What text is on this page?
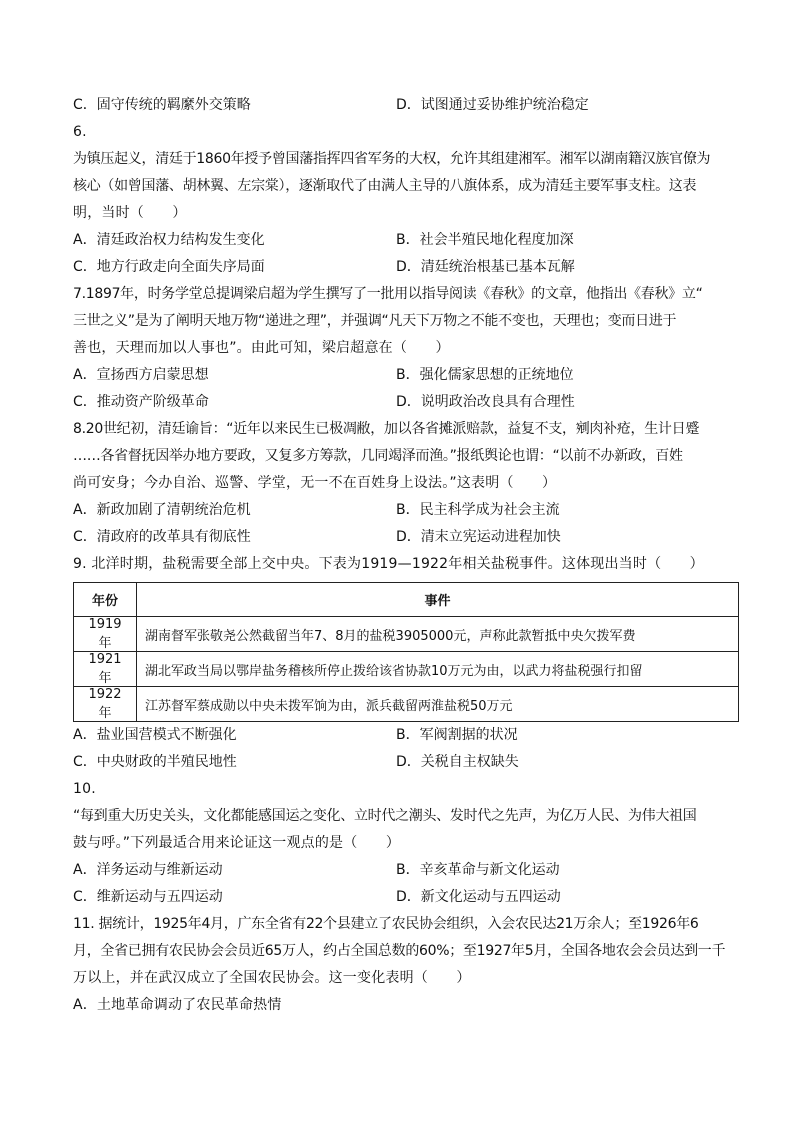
C．固守传统的羁縻外交策略	D．试图通过妥协维护统治稳定
6.
为镇压起义，清廷于1860年授予曾国藩指挥四省军务的大权，允许其组建湘军。湘军以湖南籍汉族官僚为
核心（如曾国藩、胡林翼、左宗棠），逐渐取代了由满人主导的八旗体系，成为清廷主要军事支柱。这表
明，当时（　　）
A．清廷政治权力结构发生变化	B．社会半殖民地化程度加深
C．地方行政走向全面失序局面	D．清廷统治根基已基本瓦解
7.1897年，时务学堂总提调梁启超为学生撰写了一批用以指导阅读《春秋》的文章，他指出《春秋》立“
三世之义”是为了阐明天地万物“递进之理”，并强调“凡天下万物之不能不变也，天理也；变而日进于
善也，天理而加以人事也”。由此可知，梁启超意在（　　）
A．宣扬西方启蒙思想	B．强化儒家思想的正统地位
C．推动资产阶级革命	D．说明政治改良具有合理性
8.20世纪初，清廷谕旨：“近年以来民生已极凋敝，加以各省摊派赔款，益复不支，剜肉补疮，生计日蹙
……各省督抚因举办地方要政，又复多方筹款，几同竭泽而渔。”报纸舆论也谓：“以前不办新政，百姓
尚可安身；今办自治、巡警、学堂，无一不在百姓身上设法。”这表明（　　）
A．新政加剧了清朝统治危机	B．民主科学成为社会主流
C．清政府的改革具有彻底性	D．清末立宪运动进程加快
9. 北洋时期，盐税需要全部上交中央。下表为1919—1922年相关盐税事件。这体现出当时（　　）
年份	事件
1919年	湖南督军张敬尧公然截留当年7、8月的盐税3905000元，声称此款暂抵中央欠拨军费
1921年	湖北军政当局以鄂岸盐务稽核所停止拨给该省协款10万元为由，以武力将盐税强行扣留
1922年	江苏督军蔡成勋以中央未拨军饷为由，派兵截留两淮盐税50万元
A．盐业国营模式不断强化	B．军阀割据的状况
C．中央财政的半殖民地性	D．关税自主权缺失
10.
“每到重大历史关头，文化都能感国运之变化、立时代之潮头、发时代之先声，为亿万人民、为伟大祖国
鼓与呼。”下列最适合用来论证这一观点的是（　　）
A．洋务运动与维新运动	B．辛亥革命与新文化运动
C．维新运动与五四运动	D．新文化运动与五四运动
11. 据统计，1925年4月，广东全省有22个县建立了农民协会组织，入会农民达21万余人；至1926年6
月，全省已拥有农民协会会员近65万人，约占全国总数的60%；至1927年5月，全国各地农会会员达到一千
万以上，并在武汉成立了全国农民协会。这一变化表明（　　）
A．土地革命调动了农民革命热情
